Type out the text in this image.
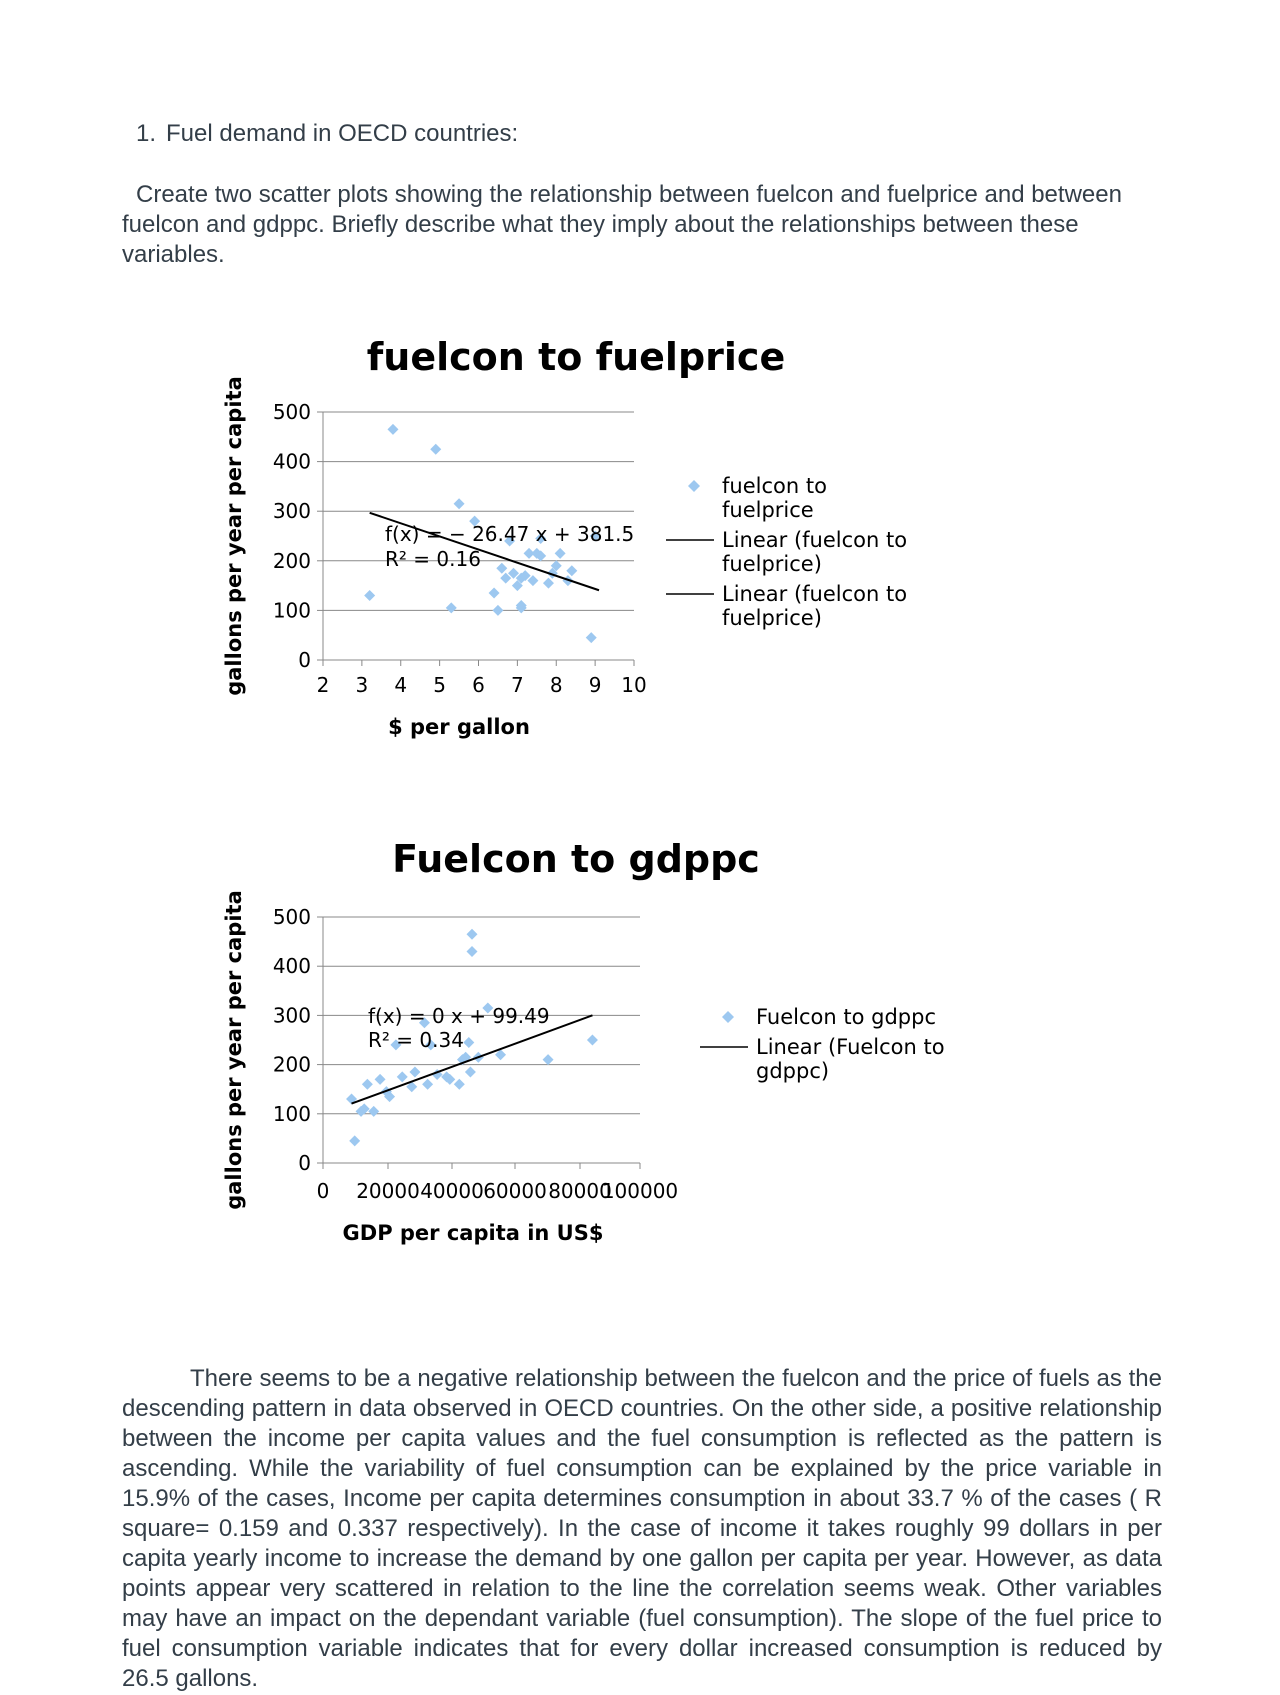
1. Fuel demand in OECD countries:
Create two scatter plots showing the relationship between fuelcon and fuelprice and between fuelcon and gdppc. Briefly describe what they imply about the relationships between these variables.
fuelcon to fuelprice
0
100
200
300
400
500
2 3 4 5 6 7 8 9 10
$ per gallon
gallons per year per capita	f(x) = − 26.47 x + 381.5
R² = 0.16
fuelcon to fuelprice
Linear (fuelcon to fuelprice)
Linear (fuelcon to fuelprice)
Fuelcon to gdppc
0
100
200
300
400
500
0 20000 40000 60000 80000
100000
GDP per capita in US$
gallons per year per capita	f(x) = 0 x + 99.49
R² = 0.34
Fuelcon to gdppc
Linear (Fuelcon to gdppc)
There seems to be a negative relationship between the fuelcon and the price of fuels as the descending pattern in data observed in OECD countries. On the other side, a positive relationship between the income per capita values and the fuel consumption is reflected as the pattern is ascending. While the variability of fuel consumption can be explained by the price variable in 15.9% of the cases, Income per capita determines consumption in about 33.7 % of the cases ( R square= 0.159 and 0.337 respectively). In the case of income it takes roughly 99 dollars in per capita yearly income to increase the demand by one gallon per capita per year. However, as data points appear very scattered in relation to the line the correlation seems weak. Other variables may have an impact on the dependant variable (fuel consumption). The slope of the fuel price to fuel consumption variable indicates that for every dollar increased consumption is reduced by 26.5 gallons.
